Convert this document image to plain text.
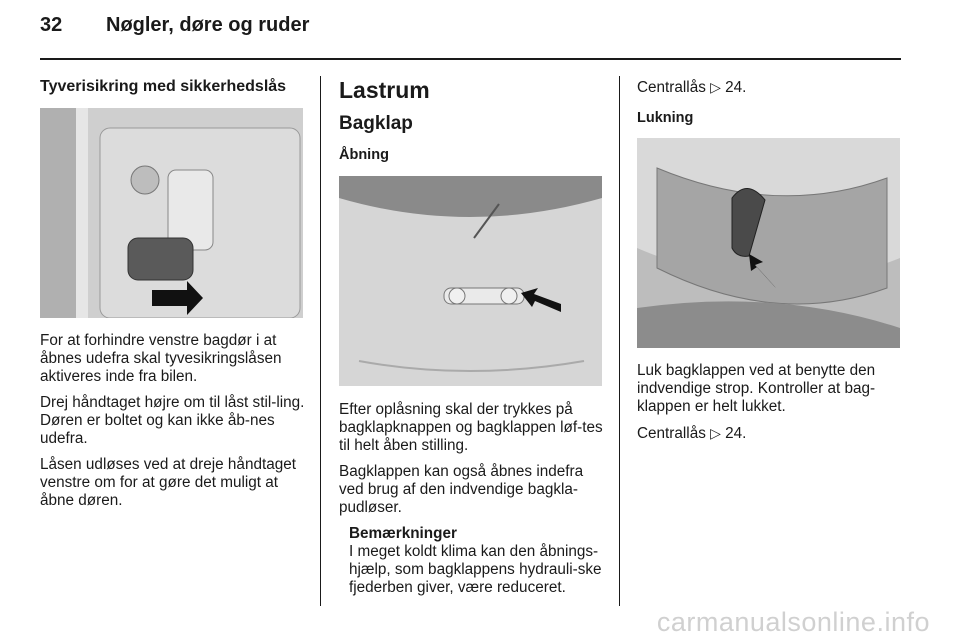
32 Nøgler, døre og ruder
Tyverisikring med sikkerhedslås

For at forhindre venstre bagdør i at åbnes udefra skal tyvesikringslåsen aktiveres inde fra bilen.

Drej håndtaget højre om til låst stil-ling. Døren er boltet og kan ikke åb-nes udefra.

Låsen udløses ved at dreje håndtaget venstre om for at gøre det muligt at åbne døren.

Lastrum
Bagklap
Åbning

Efter oplåsning skal der trykkes på bagklapknappen og bagklappen løf-tes til helt åben stilling.

Bagklappen kan også åbnes indefra ved brug af den indvendige bagkla-pudløser.

Bemærkninger
I meget koldt klima kan den åbnings-hjælp, som bagklappens hydrauli-ske fjederben giver, være reduceret.

Centrallås ▷ 24.

Lukning

Luk bagklappen ved at benytte den indvendige strop. Kontroller at bag-klappen er helt lukket.

Centrallås ▷ 24.

carmanualsonline.info
